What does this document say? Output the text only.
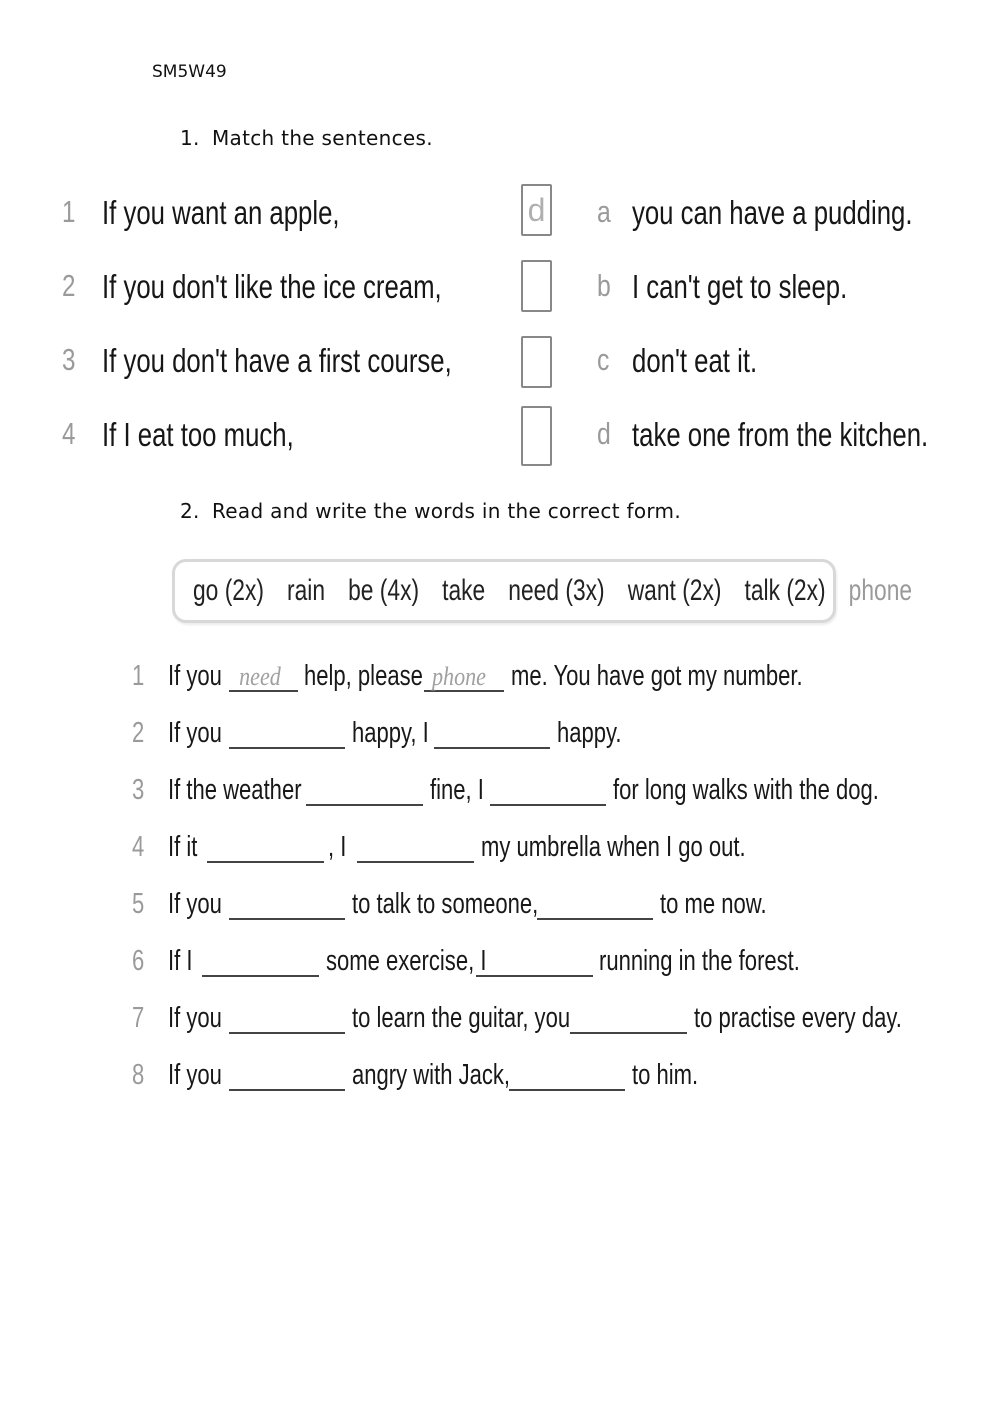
SM5W49
1. Match the sentences.
1 If you want an apple,	d a you can have a pudding.
2 If you don't like the ice cream,	b I can't get to sleep.
3 If you don't have a first course,	c don't eat it.
4 If I eat too much,	d take one from the kitchen.
2. Read and write the words in the correct form.
go (2x) rain be (4x) take need (3x) want (2x) talk (2x) phone
1 If you need help, please phone me. You have got my number.
2 If you	happy, I	happy.
3 If the weather	fine, I	for long walks with the dog.
4 If it	, I	my umbrella when I go out.
5 If you	to talk to someone,	to me now.
6 If I	some exercise, I	running in the forest.
7 If you	to learn the guitar, you	to practise every day.
8 If you	angry with Jack,	to him.
